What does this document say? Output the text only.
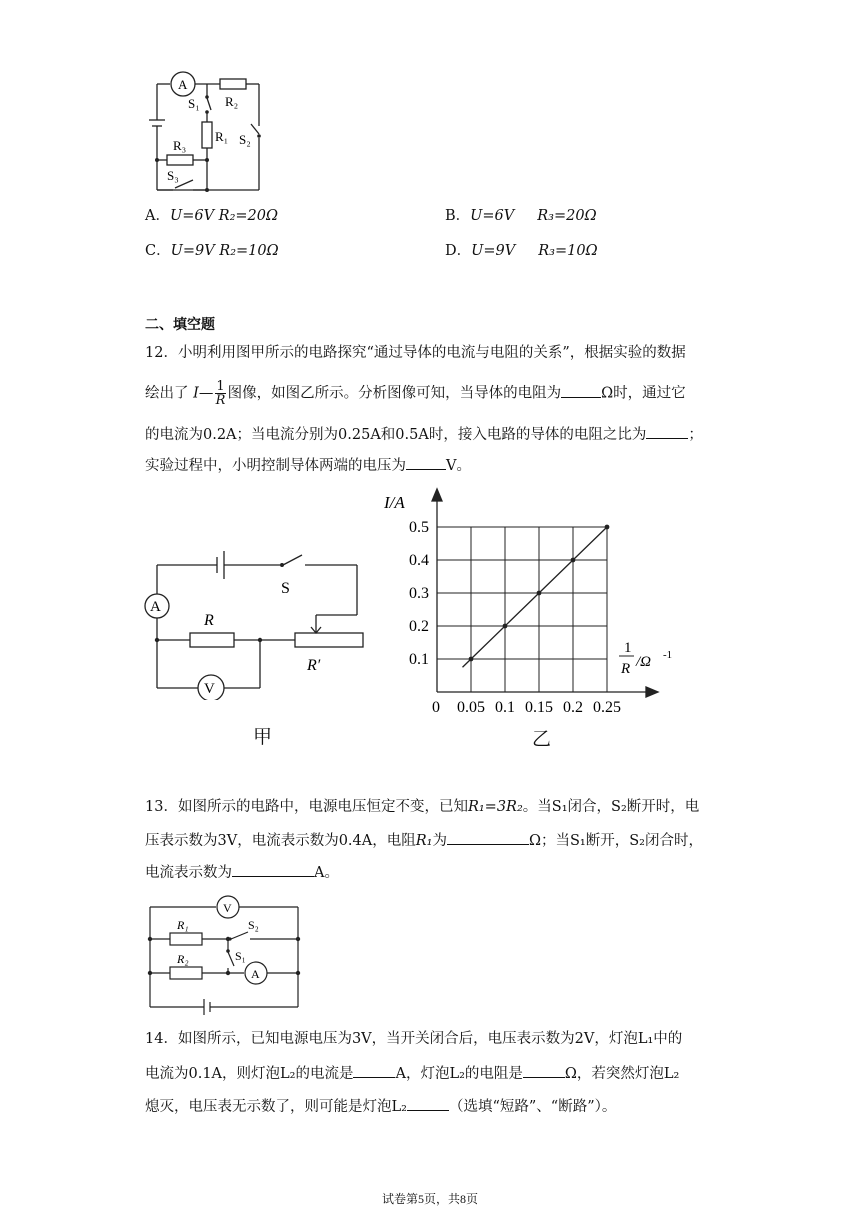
A
R₂
S₁
R₁ S₂
R₃
S₃
A．U=6V R₂=20Ω	B．U=6V     R₃=20Ω
C．U=9V R₂=10Ω	D．U=9V     R₃=10Ω
二、填空题
12．小明利用图甲所示的电路探究“通过导体的电流与电阻的关系”，根据实验的数据
绘出了 I— $\frac{1}{R}$ 图像，如图乙所示。分析图像可知，当导体的电阻为	Ω时，通过它
的电流为0.2A；当电流分别为0.25A和0.5A时，接入电路的导体的电阻之比为	；
实验过程中，小明控制导体两端的电压为	V。
A
V
S
R
R′
甲
0.1
0.2
0.3
0.4
0.5
0.05 0.1 0.15 0.2 0.25
I/A
0
1
R /Ω -1
乙
13．如图所示的电路中，电源电压恒定不变，已知R₁=3R₂。当S₁闭合，S₂断开时，电
压表示数为3V，电流表示数为0.4A，电阻R₁为	Ω；当S₁断开，S₂闭合时，
电流表示数为	A。
V
R₁	S₂
R₂	S₁
A
14．如图所示，已知电源电压为3V，当开关闭合后，电压表示数为2V，灯泡L₁中的
电流为0.1A，则灯泡L₂的电流是	A，灯泡L₂的电阻是	Ω，若突然灯泡L₂
熄灭，电压表无示数了，则可能是灯泡L₂	（选填“短路”、“断路”）。
试卷第5页，共8页
